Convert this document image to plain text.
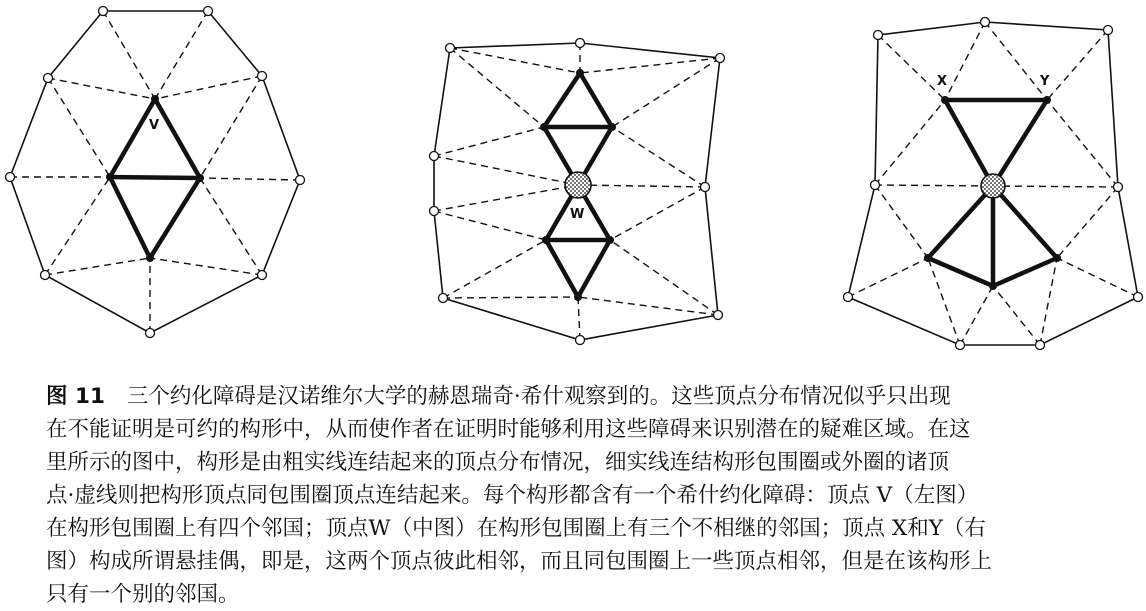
V
W
X	Y
图 11 三个约化障碍是汉诺维尔大学的赫恩瑞奇·希什观察到的。这些顶点分布情况似乎只出现
在不能证明是可约的构形中，从而使作者在证明时能够利用这些障碍来识别潜在的疑难区域。在这
里所示的图中，构形是由粗实线连结起来的顶点分布情况，细实线连结构形包围圈或外圈的诸顶
点·虚线则把构形顶点同包围圈顶点连结起来。每个构形都含有一个希什约化障碍：顶点 V（左图）
在构形包围圈上有四个邻国；顶点W（中图）在构形包围圈上有三个不相继的邻国；顶点 X和Y（右
图）构成所谓悬挂偶，即是，这两个顶点彼此相邻，而且同包围圈上一些顶点相邻，但是在该构形上
只有一个别的邻国。
